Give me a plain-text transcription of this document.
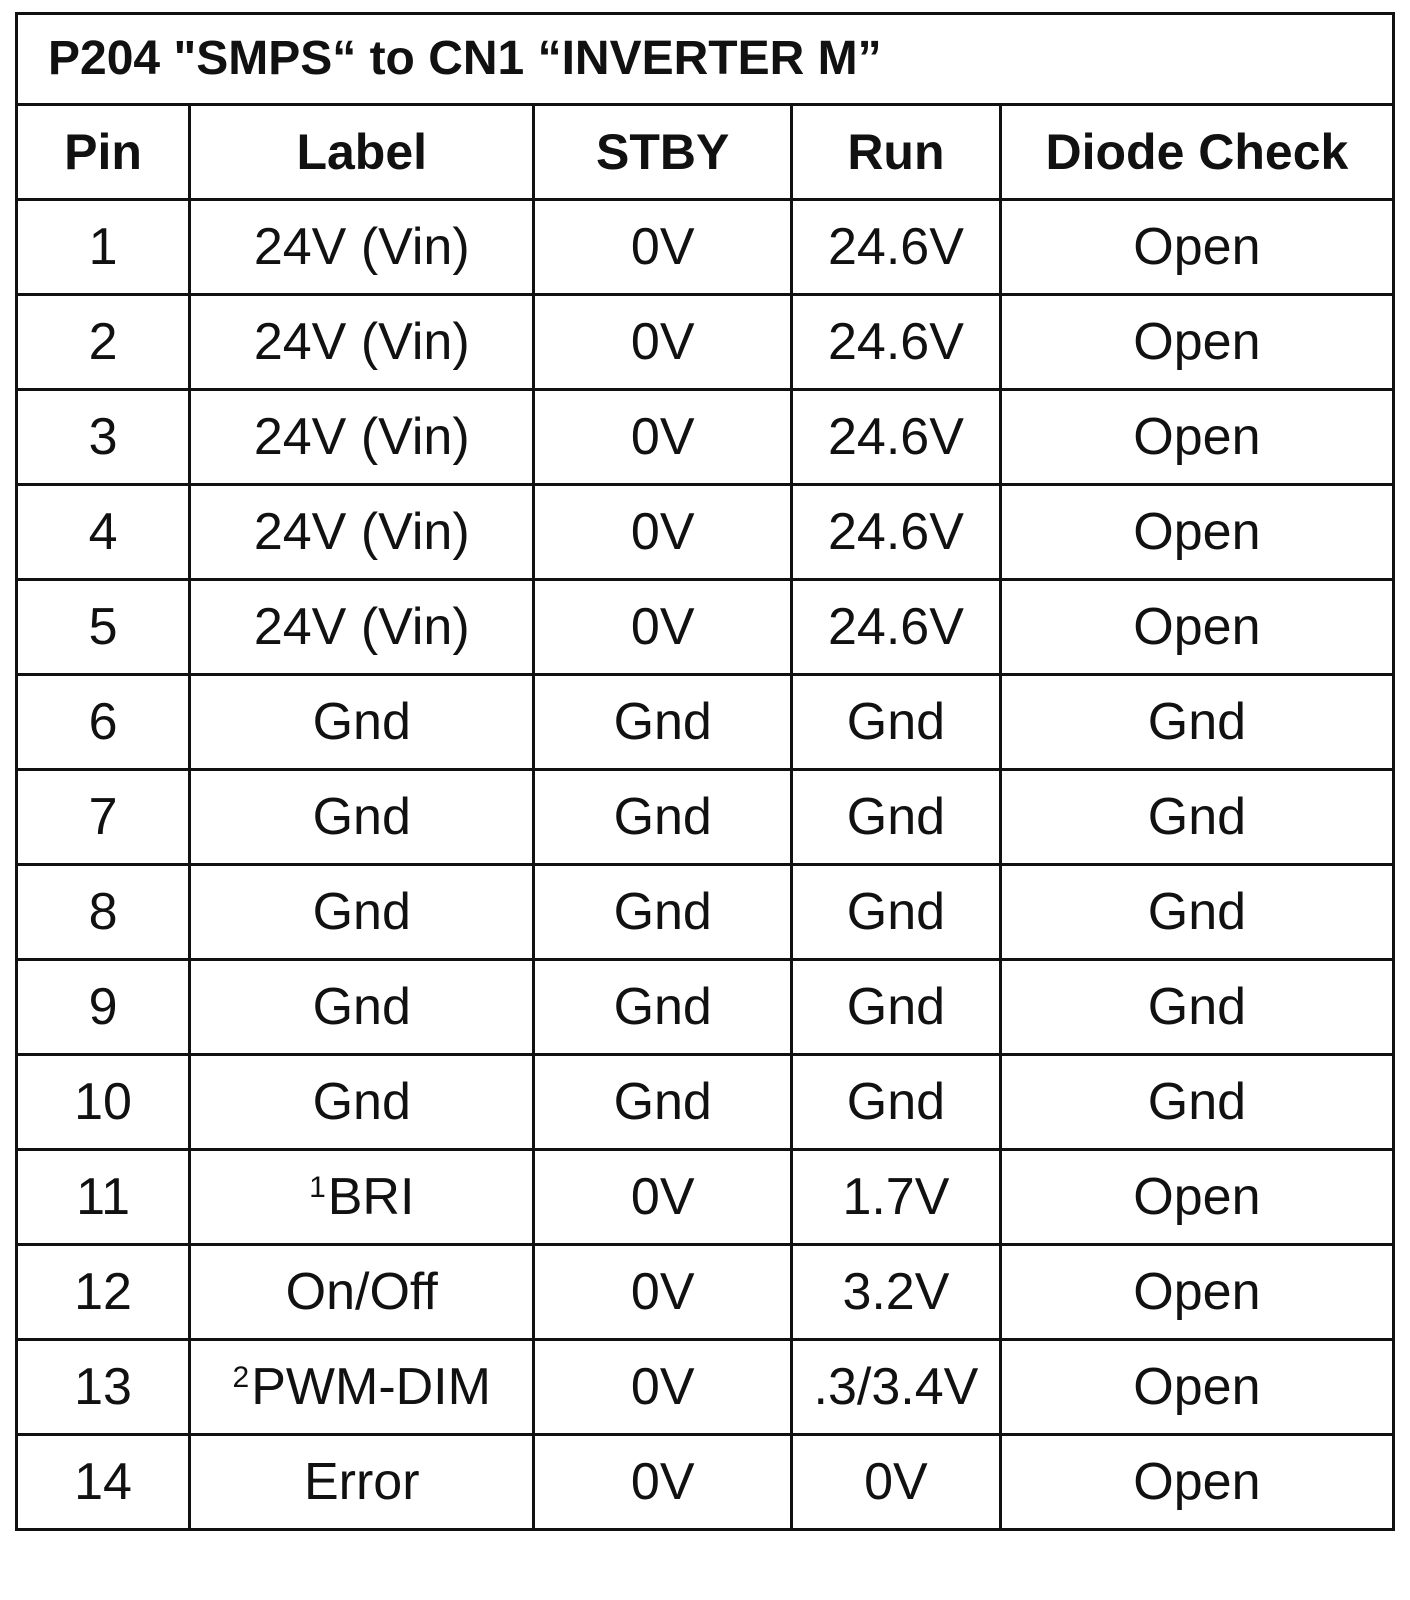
P204 "SMPS“ to CN1 “INVERTER M”				
Pin	Label	STBY	Run	Diode Check
1	24V (Vin)	0V	24.6V	Open
2	24V (Vin)	0V	24.6V	Open
3	24V (Vin)	0V	24.6V	Open
4	24V (Vin)	0V	24.6V	Open
5	24V (Vin)	0V	24.6V	Open
6	Gnd	Gnd	Gnd	Gnd
7	Gnd	Gnd	Gnd	Gnd
8	Gnd	Gnd	Gnd	Gnd
9	Gnd	Gnd	Gnd	Gnd
10	Gnd	Gnd	Gnd	Gnd
11	$^1$BRI	0V	1.7V	Open
12	On/Off	0V	3.2V	Open
13	$^2$PWM-DIM	0V	.3/3.4V	Open
14	Error	0V	0V	Open
